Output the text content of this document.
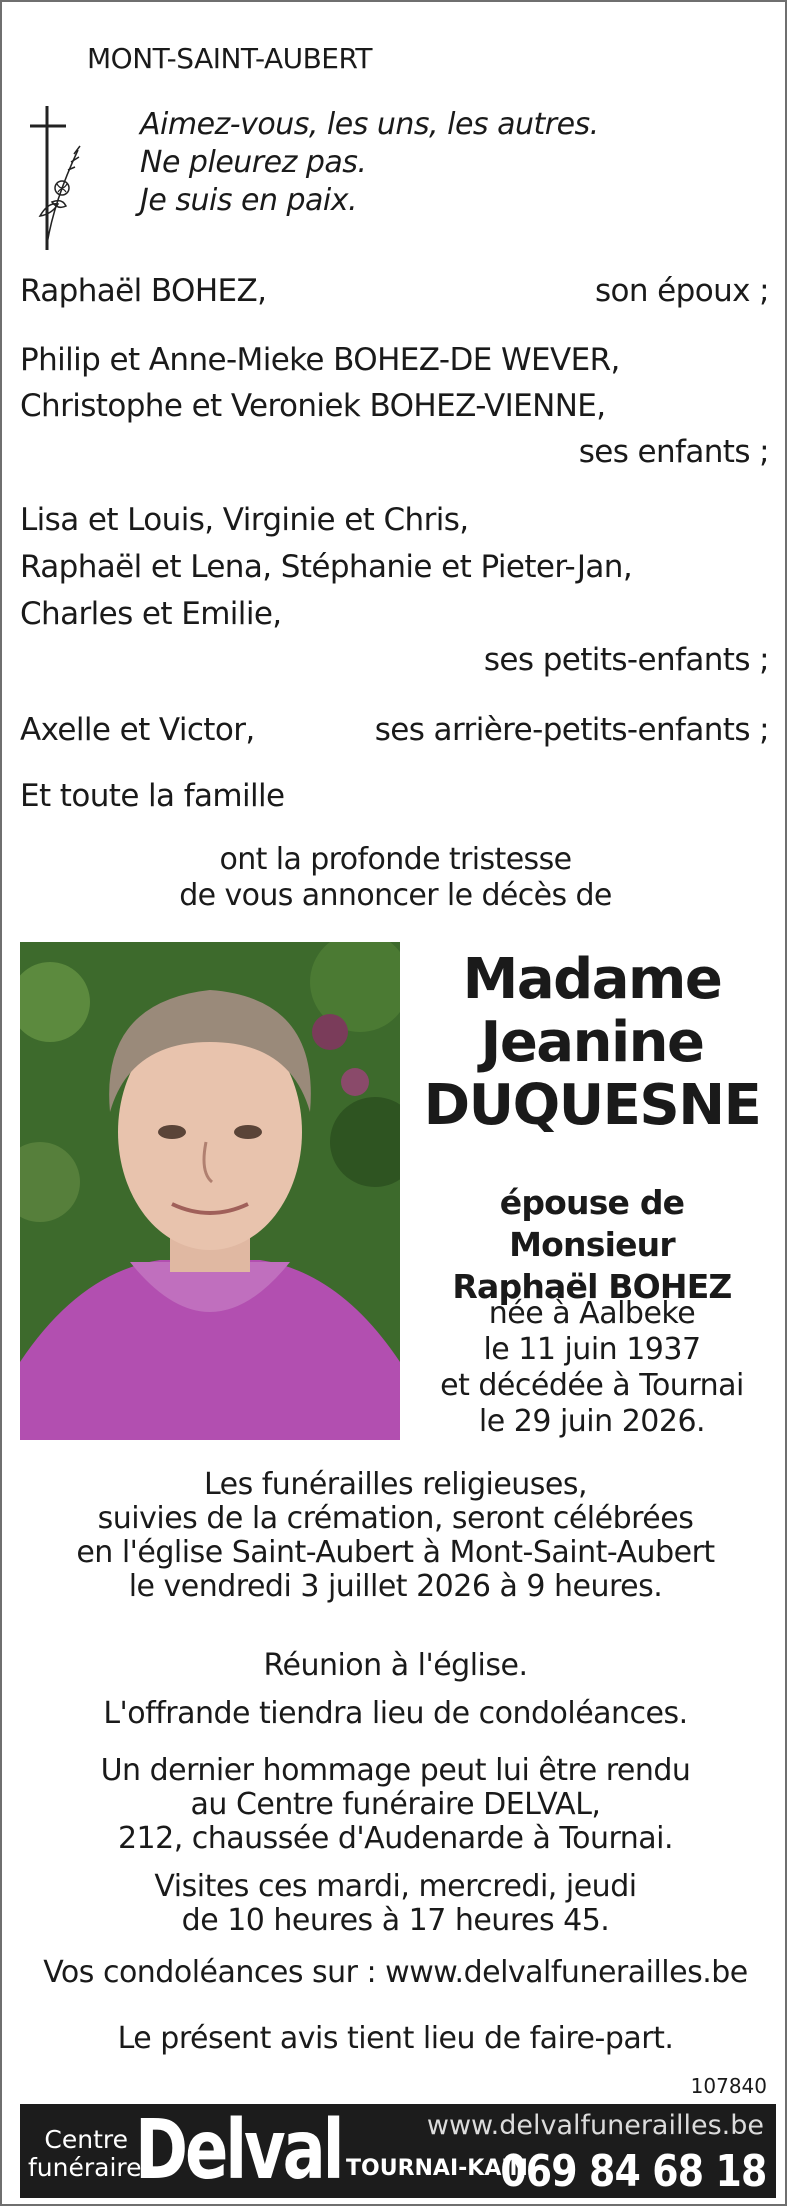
MONT-SAINT-AUBERT
Aimez-vous, les uns, les autres.
Ne pleurez pas.
Je suis en paix.
Raphaël BOHEZ,	son époux ;
Philip et Anne-Mieke BOHEZ-DE WEVER,
Christophe et Veroniek BOHEZ-VIENNE,
ses enfants ;
Lisa et Louis, Virginie et Chris,
Raphaël et Lena, Stéphanie et Pieter-Jan,
Charles et Emilie,
ses petits-enfants ;
Axelle et Victor,	ses arrière-petits-enfants ;
Et toute la famille
ont la profonde tristesse
de vous annoncer le décès de
Madame
Jeanine
DUQUESNE
épouse de Monsieur
Raphaël BOHEZ
née à Aalbeke
le 11 juin 1937
et décédée à Tournai
le 29 juin 2026.
Les funérailles religieuses,
suivies de la crémation, seront célébrées
en l'église Saint-Aubert à Mont-Saint-Aubert
le vendredi 3 juillet 2026 à 9 heures.
Réunion à l'église.
L'offrande tiendra lieu de condoléances.
Un dernier hommage peut lui être rendu
au Centre funéraire DELVAL,
212, chaussée d'Audenarde à Tournai.
Visites ces mardi, mercredi, jeudi
de 10 heures à 17 heures 45.
Vos condoléances sur : www.delvalfunerailles.be
Le présent avis tient lieu de faire-part.
107840
Centre
funéraire
Delval	www.delvalfunerailles.be
TOURNAI-KAIN
069 84 68 18
